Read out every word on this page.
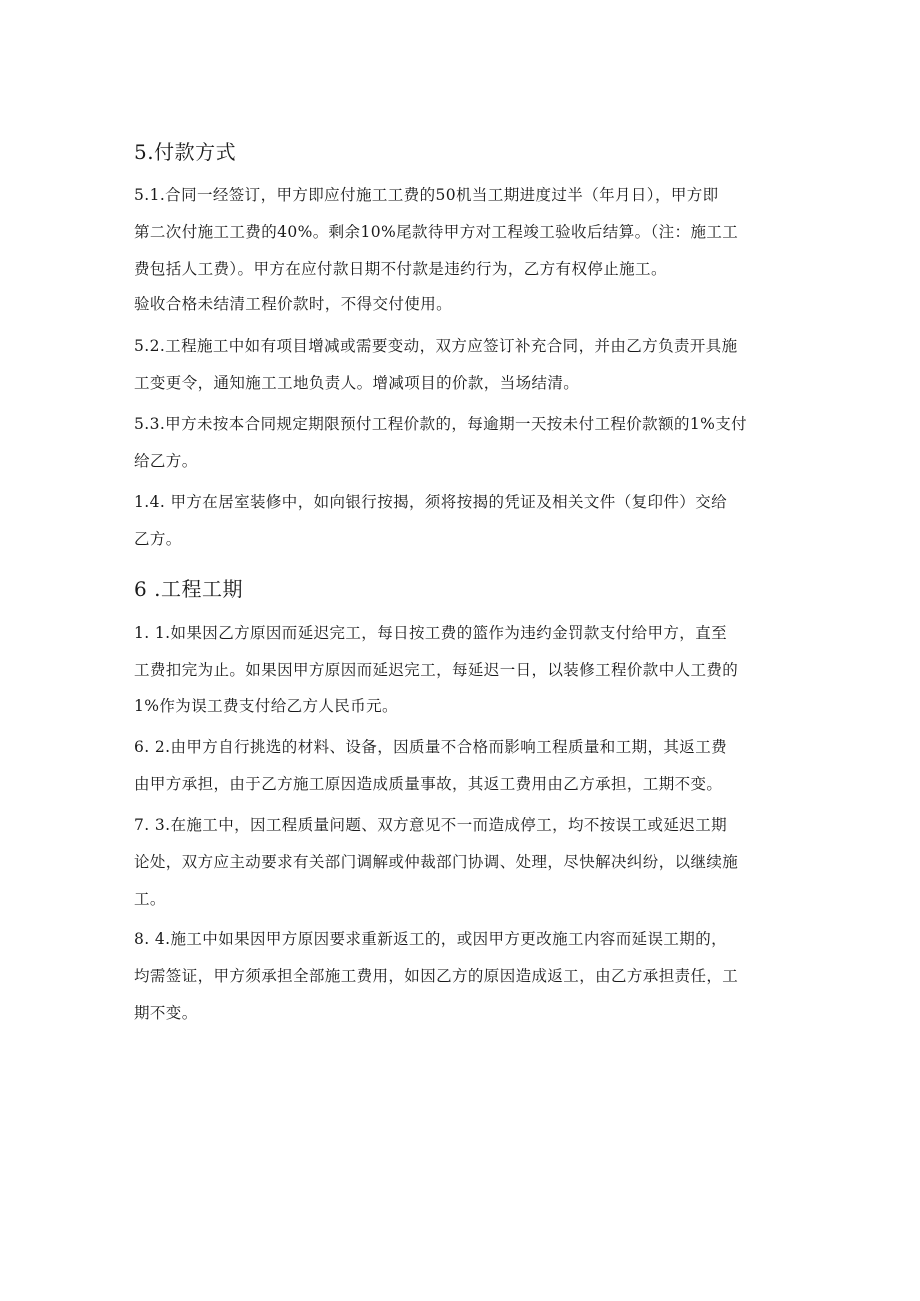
5.付款方式
5.1.合同一经签订，甲方即应付施工工费的50机当工期进度过半（年月日），甲方即
第二次付施工工费的40%。剩余10%尾款待甲方对工程竣工验收后结算。（注：施工工
费包括人工费）。甲方在应付款日期不付款是违约行为，乙方有权停止施工。
验收合格未结清工程价款时，不得交付使用。
5.2.工程施工中如有项目增减或需要变动，双方应签订补充合同，并由乙方负责开具施
工变更令，通知施工工地负责人。增减项目的价款，当场结清。
5.3.甲方未按本合同规定期限预付工程价款的，每逾期一天按未付工程价款额的1%支付
给乙方。
1.4. 甲方在居室装修中，如向银行按揭，须将按揭的凭证及相关文件（复印件）交给
乙方。
6 .工程工期
1. 1.如果因乙方原因而延迟完工，每日按工费的篮作为违约金罚款支付给甲方，直至
工费扣完为止。如果因甲方原因而延迟完工，每延迟一日，以装修工程价款中人工费的
1%作为误工费支付给乙方人民币元。
6. 2.由甲方自行挑选的材料、设备，因质量不合格而影响工程质量和工期，其返工费
由甲方承担，由于乙方施工原因造成质量事故，其返工费用由乙方承担，工期不变。
7. 3.在施工中，因工程质量问题、双方意见不一而造成停工，均不按误工或延迟工期
论处，双方应主动要求有关部门调解或仲裁部门协调、处理，尽快解决纠纷，以继续施
工。
8. 4.施工中如果因甲方原因要求重新返工的，或因甲方更改施工内容而延误工期的，
均需签证，甲方须承担全部施工费用，如因乙方的原因造成返工，由乙方承担责任，工
期不变。
